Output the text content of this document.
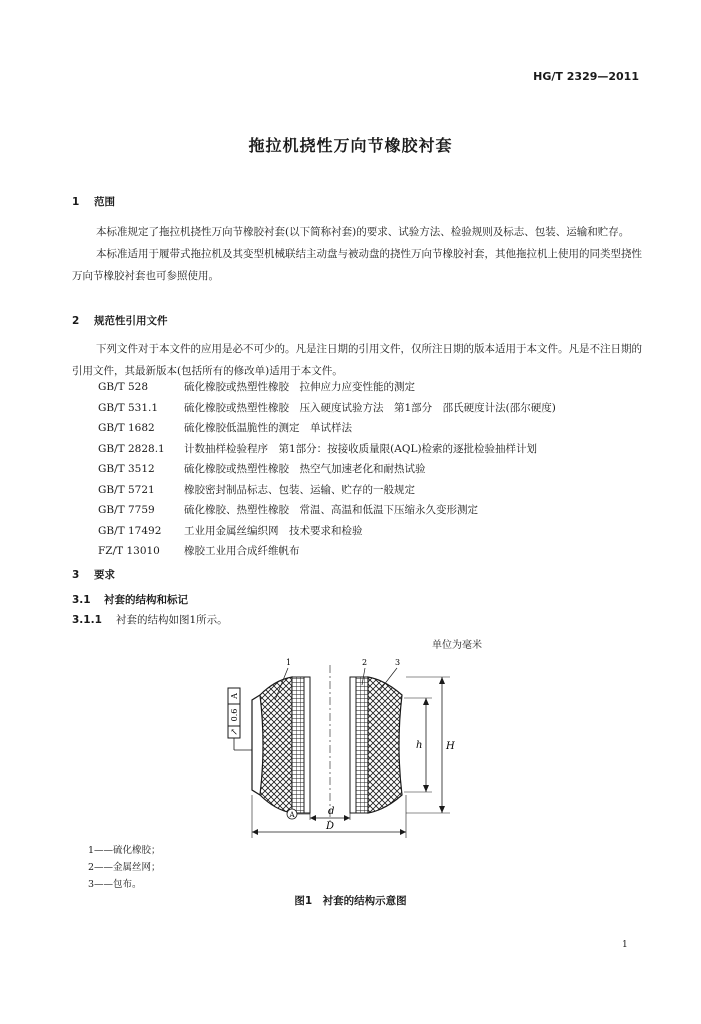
HG/T 2329—2011
拖拉机挠性万向节橡胶衬套
1 范围

本标准规定了拖拉机挠性万向节橡胶衬套(以下简称衬套)的要求、试验方法、检验规则及标志、包装、运输和贮存。

本标准适用于履带式拖拉机及其变型机械联结主动盘与被动盘的挠性万向节橡胶衬套，其他拖拉机上使用的同类型挠性万向节橡胶衬套也可参照使用。

2 规范性引用文件

下列文件对于本文件的应用是必不可少的。凡是注日期的引用文件，仅所注日期的版本适用于本文件。凡是不注日期的引用文件，其最新版本(包括所有的修改单)适用于本文件。

GB/T 528	硫化橡胶或热塑性橡胶　拉伸应力应变性能的测定
GB/T 531.1 硫化橡胶或热塑性橡胶　压入硬度试验方法　第1部分　邵氏硬度计法(邵尔硬度)
GB/T 1682	硫化橡胶低温脆性的测定　单试样法
GB/T 2828.1 计数抽样检验程序　第1部分：按接收质量限(AQL)检索的逐批检验抽样计划
GB/T 3512	硫化橡胶或热塑性橡胶　热空气加速老化和耐热试验
GB/T 5721	橡胶密封制品标志、包装、运输、贮存的一般规定
GB/T 7759	硫化橡胶、热塑性橡胶　常温、高温和低温下压缩永久变形测定
GB/T 17492 工业用金属丝编织网　技术要求和检验
FZ/T 13010 橡胶工业用合成纤维帆布
3 要求
3.1 衬套的结构和标记
3.1.1 衬套的结构如图1所示。
单位为毫米
↗
0.6
A
1	2	3
H
h
d
D
A
1——硫化橡胶；
2——金属丝网；
3——包布。
图1　 衬套的结构示意图
1
